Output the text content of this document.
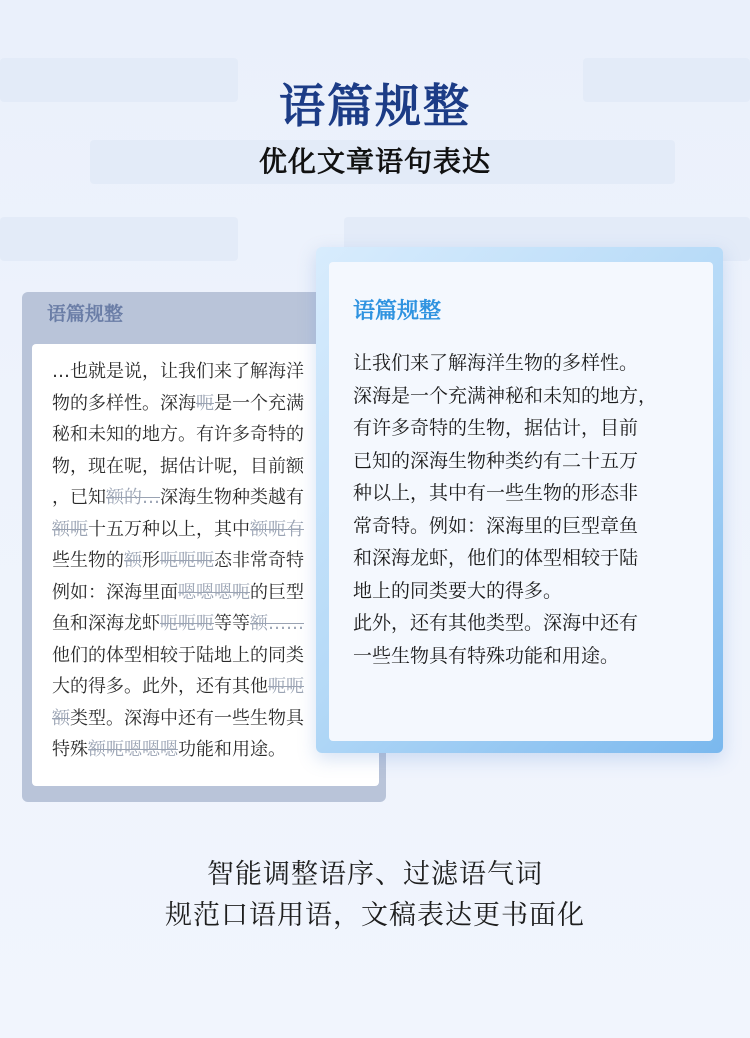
语篇规整
优化文章语句表达
语篇规整
…也就是说，让我们来了解海洋
物的多样性。深海呃是一个充满
秘和未知的地方。有许多奇特的
物，现在呢，据估计呢，目前额
，已知额的…深海生物种类越有
额呃十五万种以上，其中额呃有
些生物的额形呃呃呃态非常奇特
例如：深海里面嗯嗯嗯呃的巨型
鱼和深海龙虾呃呃呃等等额……
他们的体型相较于陆地上的同类
大的得多。此外，还有其他呃呃
额类型。深海中还有一些生物具
特殊额呃嗯嗯嗯功能和用途。
语篇规整
让我们来了解海洋生物的多样性。
深海是一个充满神秘和未知的地方，
有许多奇特的生物，据估计，目前
已知的深海生物种类约有二十五万
种以上，其中有一些生物的形态非
常奇特。例如：深海里的巨型章鱼
和深海龙虾，他们的体型相较于陆
地上的同类要大的得多。
此外，还有其他类型。深海中还有
一些生物具有特殊功能和用途。
智能调整语序、过滤语气词
规范口语用语，文稿表达更书面化
